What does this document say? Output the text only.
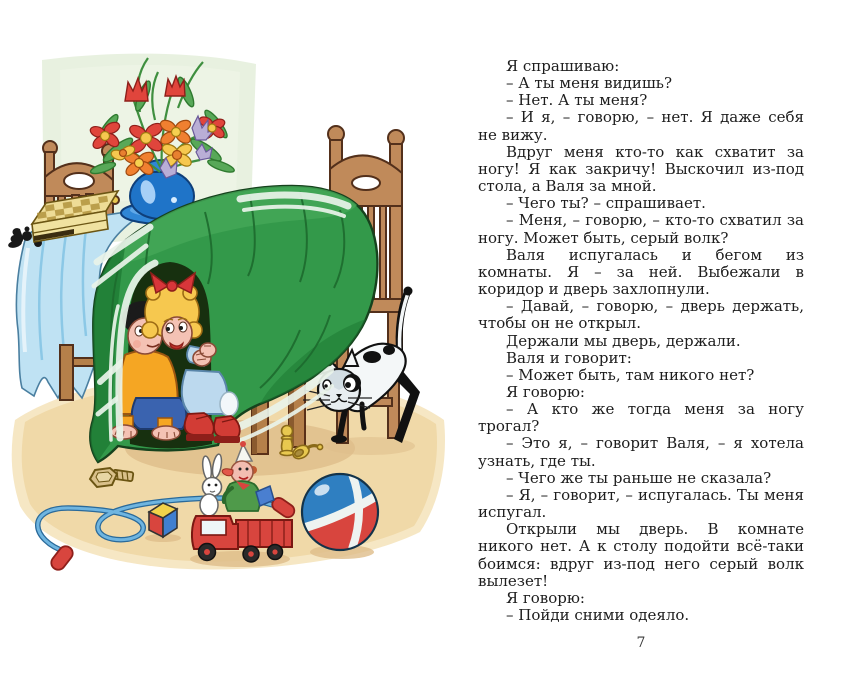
Я спрашиваю:

– А ты меня видишь?

– Нет. А ты меня?

– И я, – говорю, – нет. Я даже себя не вижу.

Вдруг меня кто-то как схватит за ногу! Я как закричу! Выскочил из-под стола, а Валя за мной.

– Чего ты? – спрашивает.

– Меня, – говорю, – кто-то схватил за ногу. Может быть, серый волк?

Валя испугалась и бегом из комнаты. Я – за ней. Выбежали в коридор и дверь захлопнули.

– Давай, – говорю, – дверь держать, чтобы он не открыл.

Держали мы дверь, держали.

Валя и говорит:

– Может быть, там никого нет?

Я говорю:

– А кто же тогда меня за ногу трогал?

– Это я, – говорит Валя, – я хотела узнать, где ты.

– Чего же ты раньше не сказала?

– Я, – говорит, – испугалась. Ты меня испугал.

Открыли мы дверь. В комнате никого нет. А к столу подойти всё-таки боимся: вдруг из-под него серый волк вылезет!

Я говорю:

– Пойди сними одеяло.

7
